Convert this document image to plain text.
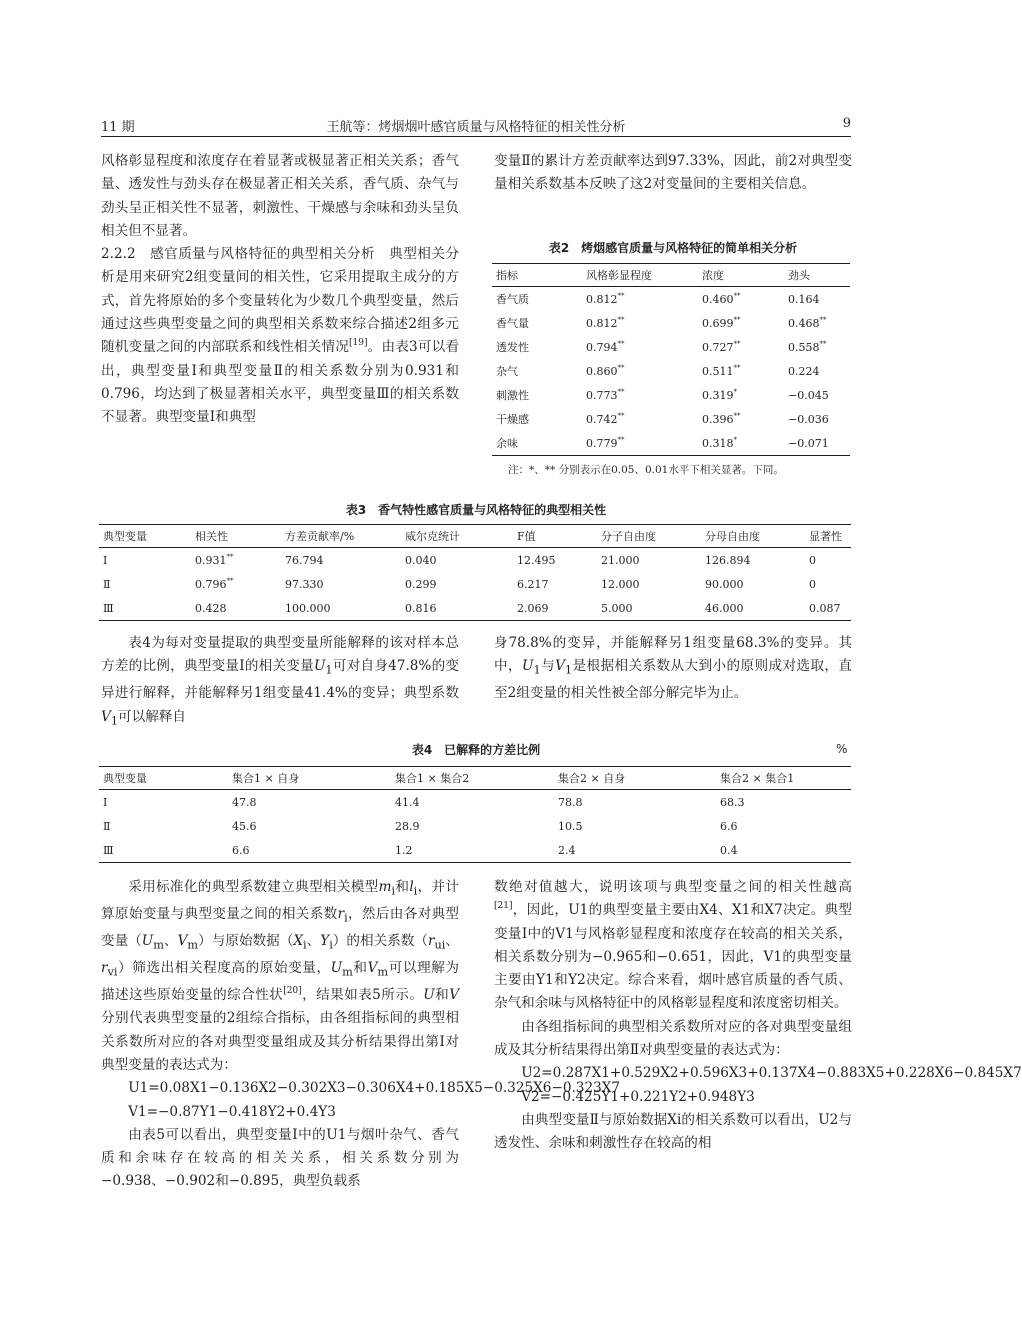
11 期	王航等：烤烟烟叶感官质量与风格特征的相关性分析	9

风格彰显程度和浓度存在着显著或极显著正相关关系；香气量、透发性与劲头存在极显著正相关关系，香气质、杂气与劲头呈正相关性不显著，刺激性、干燥感与余味和劲头呈负相关但不显著。

2.2.2　感官质量与风格特征的典型相关分析　典型相关分析是用来研究2组变量间的相关性，它采用提取主成分的方式，首先将原始的多个变量转化为少数几个典型变量，然后通过这些典型变量之间的典型相关系数来综合描述2组多元随机变量之间的内部联系和线性相关情况[19]。由表3可以看出，典型变量Ⅰ和典型变量Ⅱ的相关系数分别为0.931和0.796，均达到了极显著相关水平，典型变量Ⅲ的相关系数不显著。典型变量Ⅰ和典型

变量Ⅱ的累计方差贡献率达到97.33%，因此，前2对典型变量相关系数基本反映了这2对变量间的主要相关信息。

表2　烤烟感官质量与风格特征的简单相关分析
指标	风格彰显程度	浓度	劲头
香气质	0.812**	0.460**	0.164
香气量	0.812**	0.699**	0.468**
透发性	0.794**	0.727**	0.558**
杂气	0.860**	0.511**	0.224
刺激性	0.773**	0.319*	−0.045
干燥感	0.742**	0.396**	−0.036
余味	0.779**	0.318*	−0.071
注：*、** 分别表示在0.05、0.01水平下相关显著。下同。
表3　香气特性感官质量与风格特征的典型相关性
典型变量	相关性	方差贡献率/%	威尔克统计	F值	分子自由度	分母自由度	显著性
Ⅰ	0.931**	76.794	0.040	12.495	21.000	126.894	0
Ⅱ	0.796**	97.330	0.299	6.217	12.000	90.000	0
Ⅲ	0.428	100.000	0.816	2.069	5.000	46.000	0.087

表4为每对变量提取的典型变量所能解释的该对样本总方差的比例，典型变量Ⅰ的相关变量$U_1$可对自身47.8%的变异进行解释，并能解释另1组变量41.4%的变异；典型系数$V_1$可以解释自

身78.8%的变异，并能解释另1组变量68.3%的变异。其中，$U_1$与$V_1$是根据相关系数从大到小的原则成对选取，直至2组变量的相关性被全部分解完毕为止。

表4　已解释的方差比例	%
典型变量	集合1 × 自身	集合1 × 集合2	集合2 × 自身	集合2 × 集合1
Ⅰ	47.8	41.4	78.8	68.3
Ⅱ	45.6	28.9	10.5	6.6
Ⅲ	6.6	1.2	2.4	0.4

采用标准化的典型系数建立典型相关模型$m_i$和$l_i$，并计算原始变量与典型变量之间的相关系数$r_i$，然后由各对典型变量（$U_m$、$V_m$）与原始数据（$X_i$、$Y_i$）的相关系数（$r_{ui}$、$r_{vi}$）筛选出相关程度高的原始变量，$U_m$和$V_m$可以理解为描述这些原始变量的综合性状[20]，结果如表5所示。U和V分别代表典型变量的2组综合指标，由各组指标间的典型相关系数所对应的各对典型变量组成及其分析结果得出第Ⅰ对典型变量的表达式为：

U1=0.08X1−0.136X2−0.302X3−0.306X4+0.185X5−0.325X6−0.323X7

V1=−0.87Y1−0.418Y2+0.4Y3

由表5可以看出，典型变量Ⅰ中的U1与烟叶杂气、香气质和余味存在较高的相关关系，相关系数分别为−0.938、−0.902和−0.895，典型负载系

数绝对值越大，说明该项与典型变量之间的相关性越高[21]，因此，U1的典型变量主要由X4、X1和X7决定。典型变量Ⅰ中的V1与风格彰显程度和浓度存在较高的相关关系，相关系数分别为−0.965和−0.651，因此，V1的典型变量主要由Y1和Y2决定。综合来看，烟叶感官质量的香气质、杂气和余味与风格特征中的风格彰显程度和浓度密切相关。

由各组指标间的典型相关系数所对应的各对典型变量组成及其分析结果得出第Ⅱ对典型变量的表达式为：

U2=0.287X1+0.529X2+0.596X3+0.137X4−0.883X5+0.228X6−0.845X7

V2=−0.425Y1+0.221Y2+0.948Y3

由典型变量Ⅱ与原始数据Xi的相关系数可以看出，U2与透发性、余味和刺激性存在较高的相
